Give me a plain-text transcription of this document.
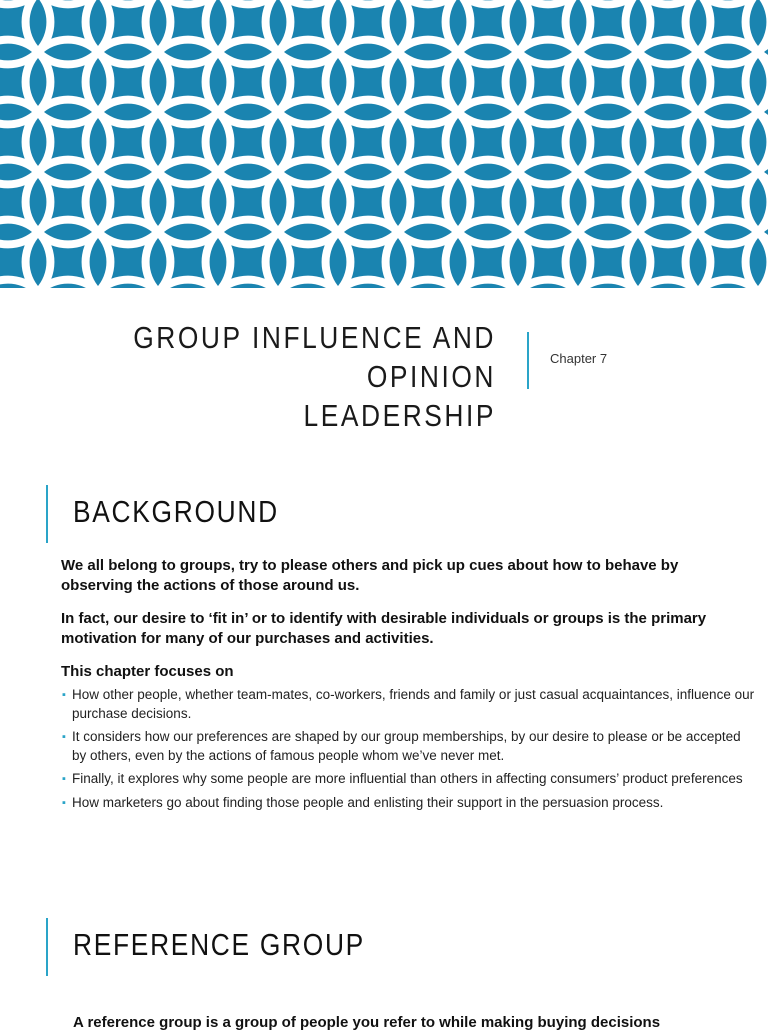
GROUP INFLUENCE AND OPINION
LEADERSHIP
Chapter 7
BACKGROUND

We all belong to groups, try to please others and pick up cues about how to behave by observing the actions of those around us.

In fact, our desire to ‘fit in’ or to identify with desirable individuals or groups is the primary motivation for many of our purchases and activities.

This chapter focuses on

▪ How other people, whether team-mates, co-workers, friends and family or just casual acquaintances, influence our purchase decisions.
▪ It considers how our preferences are shaped by our group memberships, by our desire to please or be accepted by others, even by the actions of famous people whom we’ve never met.
▪ Finally, it explores why some people are more influential than others in affecting consumers’ product preferences
▪ How marketers go about finding those people and enlisting their support in the persuasion process.
REFERENCE GROUP

A reference group is a group of people you refer to while making buying decisions
